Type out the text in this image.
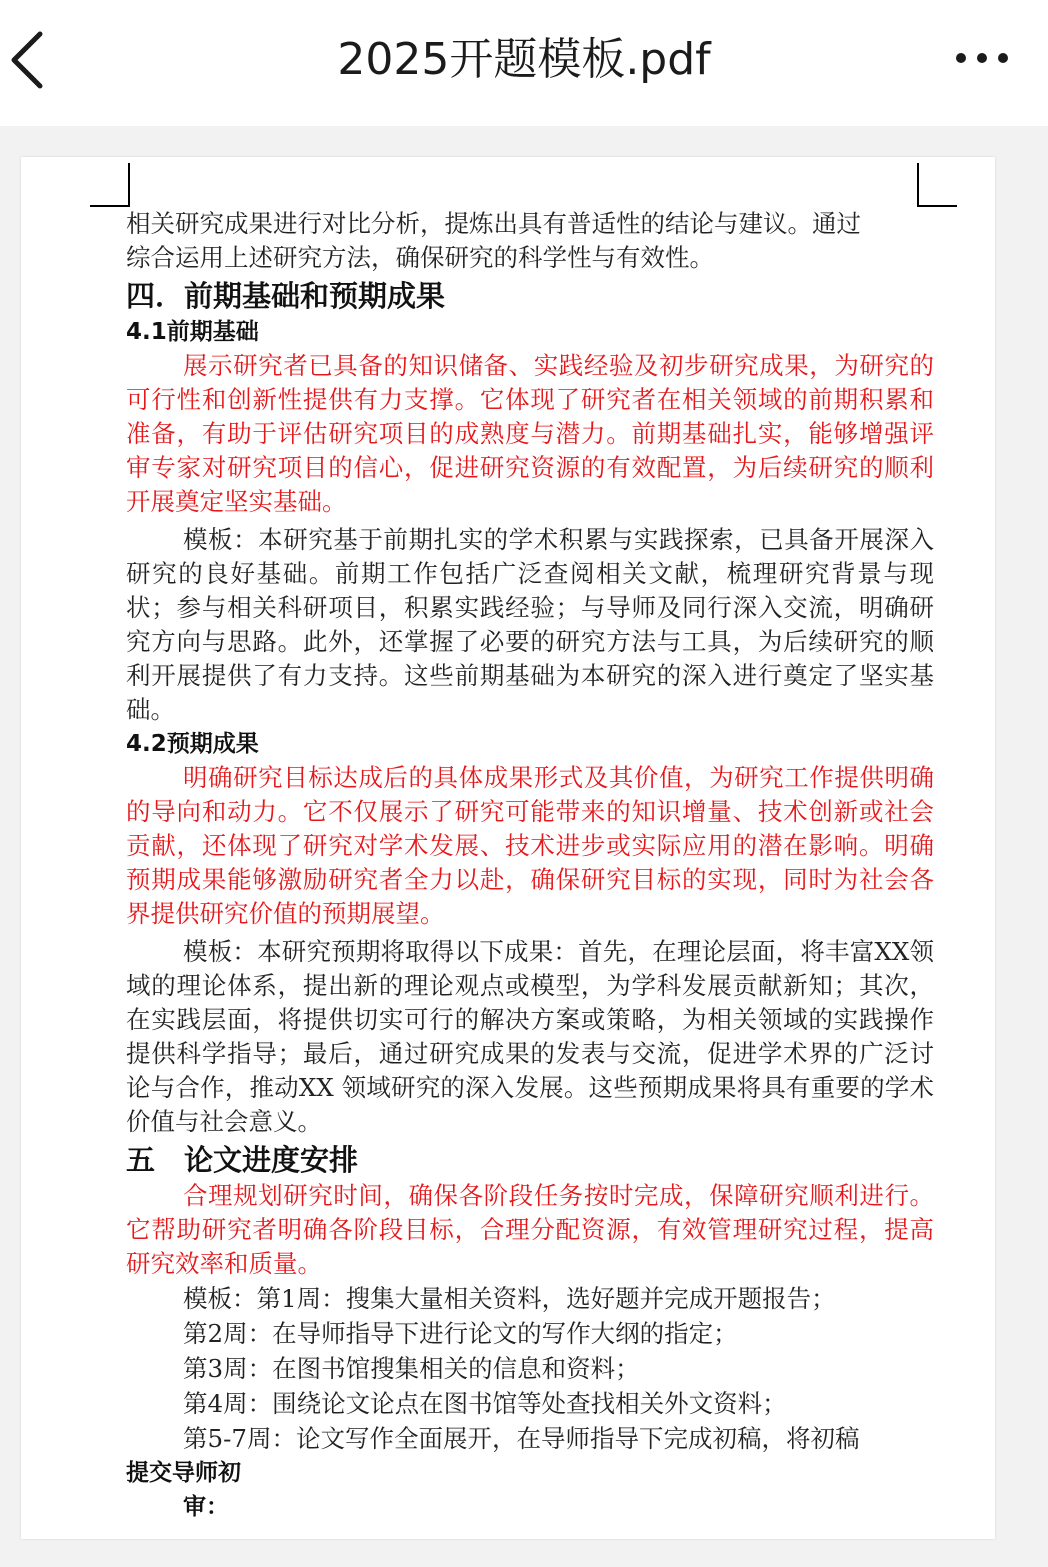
2025开题模板.pdf

相关研究成果进行对比分析，提炼出具有普适性的结论与建议。通过

综合运用上述研究方法，确保研究的科学性与有效性。

四．前期基础和预期成果
4.1前期基础

展示研究者已具备的知识储备、实践经验及初步研究成果，为研究的可行性和创新性提供有力支撑。它体现了研究者在相关领域的前期积累和准备，有助于评估研究项目的成熟度与潜力。前期基础扎实，能够增强评审专家对研究项目的信心，促进研究资源的有效配置，为后续研究的顺利开展奠定坚实基础。

模板：本研究基于前期扎实的学术积累与实践探索，已具备开展深入研究的良好基础。前期工作包括广泛查阅相关文献，梳理研究背景与现状；参与相关科研项目，积累实践经验；与导师及同行深入交流，明确研究方向与思路。此外，还掌握了必要的研究方法与工具，为后续研究的顺利开展提供了有力支持。这些前期基础为本研究的深入进行奠定了坚实基础。

4.2预期成果

明确研究目标达成后的具体成果形式及其价值，为研究工作提供明确的导向和动力。它不仅展示了研究可能带来的知识增量、技术创新或社会贡献，还体现了研究对学术发展、技术进步或实际应用的潜在影响。明确预期成果能够激励研究者全力以赴，确保研究目标的实现，同时为社会各界提供研究价值的预期展望。

模板：本研究预期将取得以下成果：首先，在理论层面，将丰富XX领域的理论体系，提出新的理论观点或模型，为学科发展贡献新知；其次，在实践层面，将提供切实可行的解决方案或策略，为相关领域的实践操作提供科学指导；最后，通过研究成果的发表与交流，促进学术界的广泛讨论与合作，推动XX 领域研究的深入发展。这些预期成果将具有重要的学术价值与社会意义。

五　论文进度安排

合理规划研究时间，确保各阶段任务按时完成，保障研究顺利进行。它帮助研究者明确各阶段目标，合理分配资源，有效管理研究过程，提高研究效率和质量。

模板：第1周：搜集大量相关资料，选好题并完成开题报告；

第2周：在导师指导下进行论文的写作大纲的指定；

第3周：在图书馆搜集相关的信息和资料；

第4周：围绕论文论点在图书馆等处查找相关外文资料；

第5-7周：论文写作全面展开，在导师指导下完成初稿，将初稿

提交导师初

审：
